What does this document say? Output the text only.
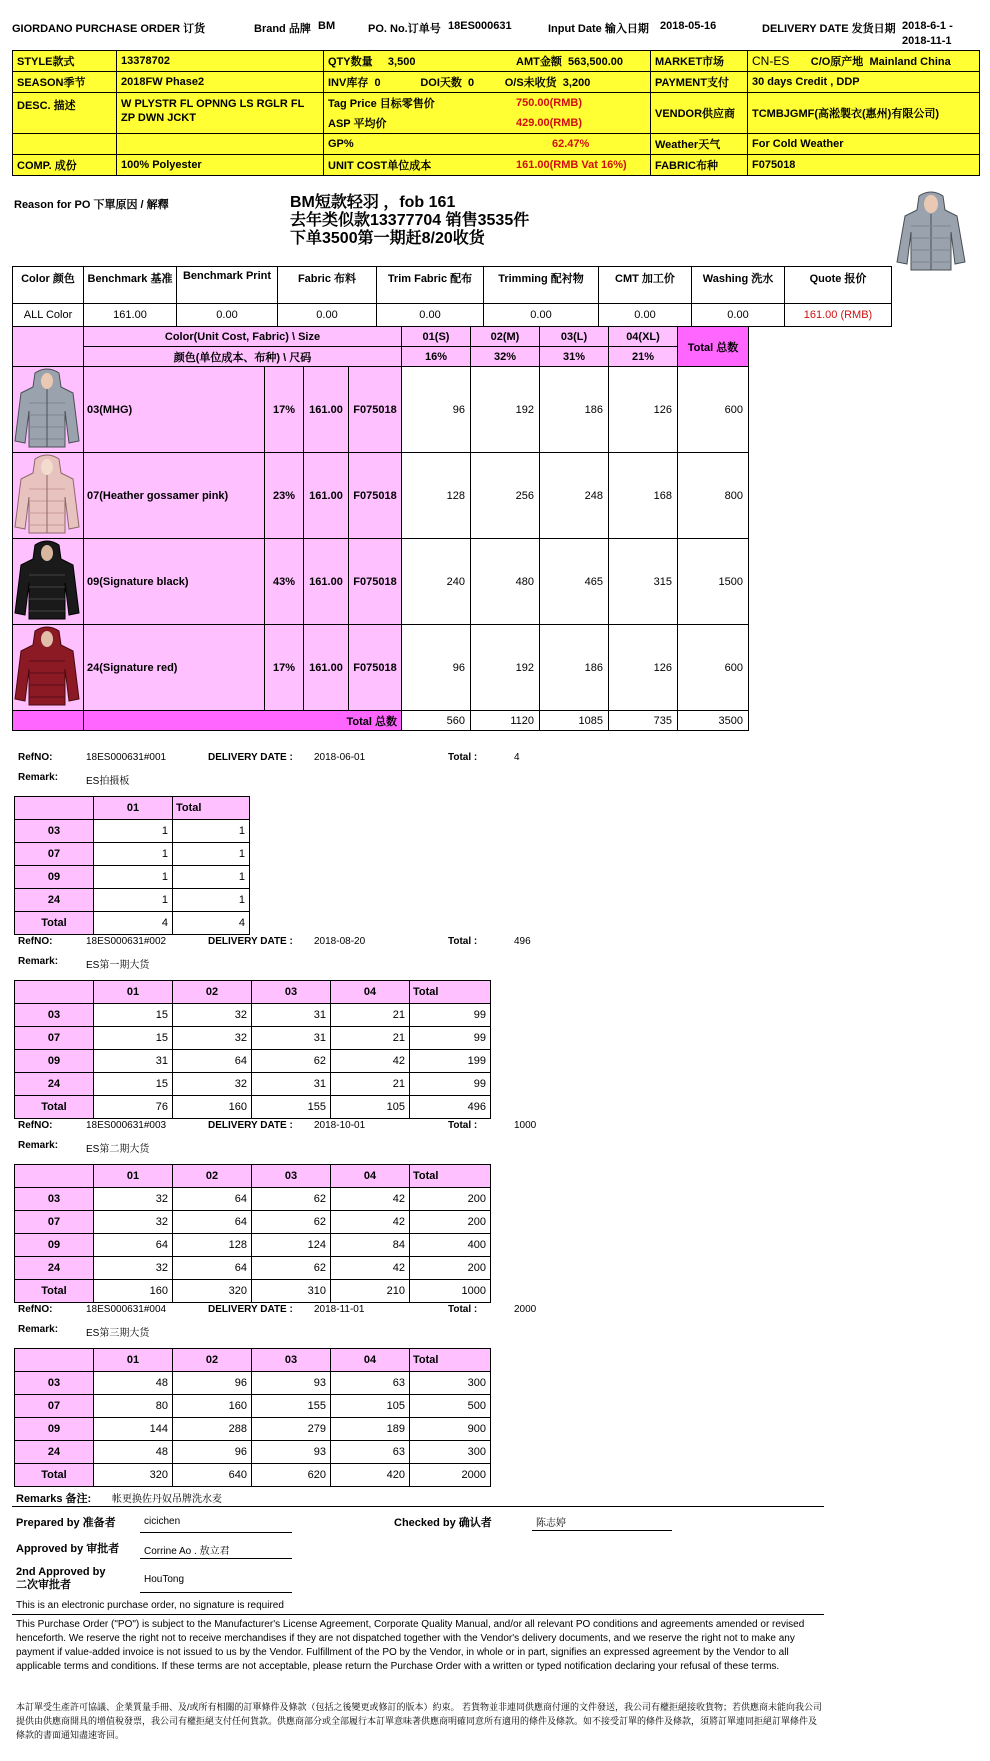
GIORDANO PURCHASE ORDER 订货	Brand 品牌 BM	PO. No.订单号 18ES000631	Input Date 输入日期 2018-05-16	DELIVERY DATE 发货日期 2018-6-1 -
2018-11-1
STYLE款式	13378702	QTY数量 3,500	AMT金额 563,500.00	MARKET市场	CN-ES C/O原产地 Mainland China
SEASON季节	2018FW Phase2	INV库存 0 DOI天数 0 O/S未收货 3,200		PAYMENT支付	30 days Credit , DDP
DESC. 描述	W PLYSTR FL OPNNG LS RGLR FL ZP DWN JCKT	Tag Price 目标零售价	750.00(RMB)	VENDOR供应商	TCMBJGMF(高淞製衣(惠州)有限公司)
		ASP 平均价	429.00(RMB)		
		GP%	62.47%	Weather天气	For Cold Weather
COMP. 成份	100% Polyester	UNIT COST单位成本	161.00(RMB Vat 16%)	FABRIC布种	F075018
Reason for PO 下單原因 / 解釋	BM短款轻羽 ，fob 161
去年类似款13377704 销售3535件
下单3500第一期赶8/20收货
Color 颜色	Benchmark 基准	Benchmark Print	Fabric 布料	Trim Fabric 配布	Trimming 配衬物	CMT 加工价	Washing 洗水	Quote 报价
ALL Color	161.00	0.00	0.00	0.00	0.00	0.00	0.00	161.00 (RMB)
	Color(Unit Cost, Fabric) \ Size				01(S)	02(M)	03(L)	04(XL)	Total 总数
	颜色(单位成本、布种) \ 尺码				16%	32%	31%	21%	
	03(MHG)	17%	161.00	F075018	96	192	186	126	600
	07(Heather gossamer pink)	23%	161.00	F075018	128	256	248	168	800
	09(Signature black)	43%	161.00	F075018	240	480	465	315	1500
	24(Signature red)	17%	161.00	F075018	96	192	186	126	600
	Total 总数				560	1120	1085	735	3500
RefNO:	18ES000631#001	DELIVERY DATE : 2018-06-01	Total :	4
Remark:	ES拍摄板
	01	Total
03	1	1
07	1	1
09	1	1
24	1	1
Total	4	4
RefNO:	18ES000631#002	DELIVERY DATE : 2018-08-20	Total :	496
Remark:	ES第一期大货
	01	02	03	04	Total
03	15	32	31	21	99
07	15	32	31	21	99
09	31	64	62	42	199
24	15	32	31	21	99
Total	76	160	155	105	496
RefNO:	18ES000631#003	DELIVERY DATE : 2018-10-01	Total :	1000
Remark:	ES第二期大货
	01	02	03	04	Total
03	32	64	62	42	200
07	32	64	62	42	200
09	64	128	124	84	400
24	32	64	62	42	200
Total	160	320	310	210	1000
RefNO:	18ES000631#004	DELIVERY DATE : 2018-11-01	Total :	2000
Remark:	ES第三期大货
	01	02	03	04	Total
03	48	96	93	63	300
07	80	160	155	105	500
09	144	288	279	189	900
24	48	96	93	63	300
Total	320	640	620	420	2000
Remarks 备注: 帐更换佐丹奴吊牌洗水麦
Prepared by 准备者	cicichen	Checked by 确认者	陈志婷
Approved by 审批者 Corrine Ao . 敖立君
2nd Approved by
二次审批者	HouTong
This is an electronic purchase order, no signature is required
This Purchase Order ("PO") is subject to the Manufacturer's License Agreement, Corporate Quality Manual, and/or all relevant PO conditions and agreements amended or revised henceforth. We reserve the right not to receive merchandises if they are not dispatched together with the Vendor's delivery documents, and we reserve the right not to make any payment if value-added invoice is not issued to us by the Vendor. Fulfillment of the PO by the Vendor, in whole or in part, signifies an expressed agreement by the Vendor to all applicable terms and conditions. If these terms are not acceptable, please return the Purchase Order with a written or typed notification declaring your refusal of these terms.
本訂單受生產許可協議、企業質量手冊、及/或所有相關的訂單條件及條款（包括之後變更或修訂的版本）約束。 若貨物並非連同供應商付運的文件發送，我公司有權拒絕接收貨物；若供應商未能向我公司提供由供應商開具的增值稅發票，我公司有權拒絕支付任何貨款。供應商部分或全部履行本訂單意味著供應商明確同意所有適用的條件及條款。如不接受訂單的條件及條款，須將訂單連同拒絕訂單條件及條款的書面通知盡速寄回。
